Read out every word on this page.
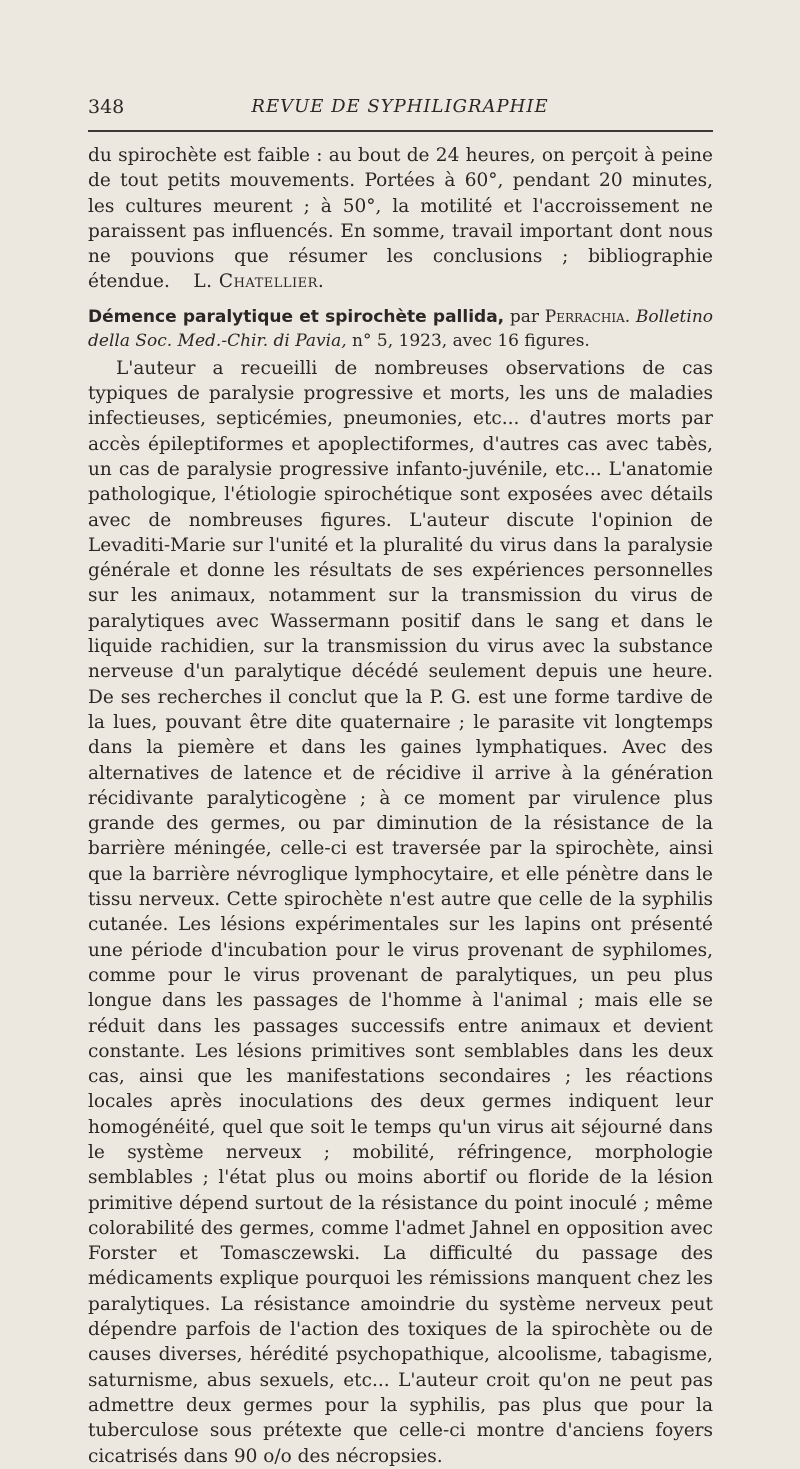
348	REVUE DE SYPHILIGRAPHIE

du spirochète est faible : au bout de 24 heures, on perçoit à peine de tout petits mouvements. Portées à 60°, pendant 20 minutes, les cultures meurent ; à 50°, la motilité et l'accroissement ne paraissent pas influencés. En somme, travail important dont nous ne pouvions que résumer les conclusions ; bibliographie étendue. L. Chatellier.

Démence paralytique et spirochète pallida, par Perrachia. Bolletino della Soc. Med.-Chir. di Pavia, n° 5, 1923, avec 16 figures.

L'auteur a recueilli de nombreuses observations de cas typiques de paralysie progressive et morts, les uns de maladies infectieuses, septicémies, pneumonies, etc... d'autres morts par accès épileptiformes et apoplectiformes, d'autres cas avec tabès, un cas de paralysie progressive infanto-juvénile, etc... L'anatomie pathologique, l'étiologie spirochétique sont exposées avec détails avec de nombreuses figures. L'auteur discute l'opinion de Levaditi-Marie sur l'unité et la pluralité du virus dans la paralysie générale et donne les résultats de ses expériences personnelles sur les animaux, notamment sur la transmission du virus de paralytiques avec Wassermann positif dans le sang et dans le liquide rachidien, sur la transmission du virus avec la substance nerveuse d'un paralytique décédé seulement depuis une heure. De ses recherches il conclut que la P. G. est une forme tardive de la lues, pouvant être dite quaternaire ; le parasite vit longtemps dans la piemère et dans les gaines lymphatiques. Avec des alternatives de latence et de récidive il arrive à la génération récidivante paralyticogène ; à ce moment par virulence plus grande des germes, ou par diminution de la résistance de la barrière méningée, celle-ci est traversée par la spirochète, ainsi que la barrière névroglique lymphocytaire, et elle pénètre dans le tissu nerveux. Cette spirochète n'est autre que celle de la syphilis cutanée. Les lésions expérimentales sur les lapins ont présenté une période d'incubation pour le virus provenant de syphilomes, comme pour le virus provenant de paralytiques, un peu plus longue dans les passages de l'homme à l'animal ; mais elle se réduit dans les passages successifs entre animaux et devient constante. Les lésions primitives sont semblables dans les deux cas, ainsi que les manifestations secondaires ; les réactions locales après inoculations des deux germes indiquent leur homogénéité, quel que soit le temps qu'un virus ait séjourné dans le système nerveux ; mobilité, réfringence, morphologie semblables ; l'état plus ou moins abortif ou floride de la lésion primitive dépend surtout de la résistance du point inoculé ; même colorabilité des germes, comme l'admet Jahnel en opposition avec Forster et Tomasczewski. La difficulté du passage des médicaments explique pourquoi les rémissions manquent chez les paralytiques. La résistance amoindrie du système nerveux peut dépendre parfois de l'action des toxiques de la spirochète ou de causes diverses, hérédité psychopathique, alcoolisme, tabagisme, saturnisme, abus sexuels, etc... L'auteur croit qu'on ne peut pas admettre deux germes pour la syphilis, pas plus que pour la tuberculose sous prétexte que celle-ci montre d'anciens foyers cicatrisés dans 90 o/o des nécropsies.
